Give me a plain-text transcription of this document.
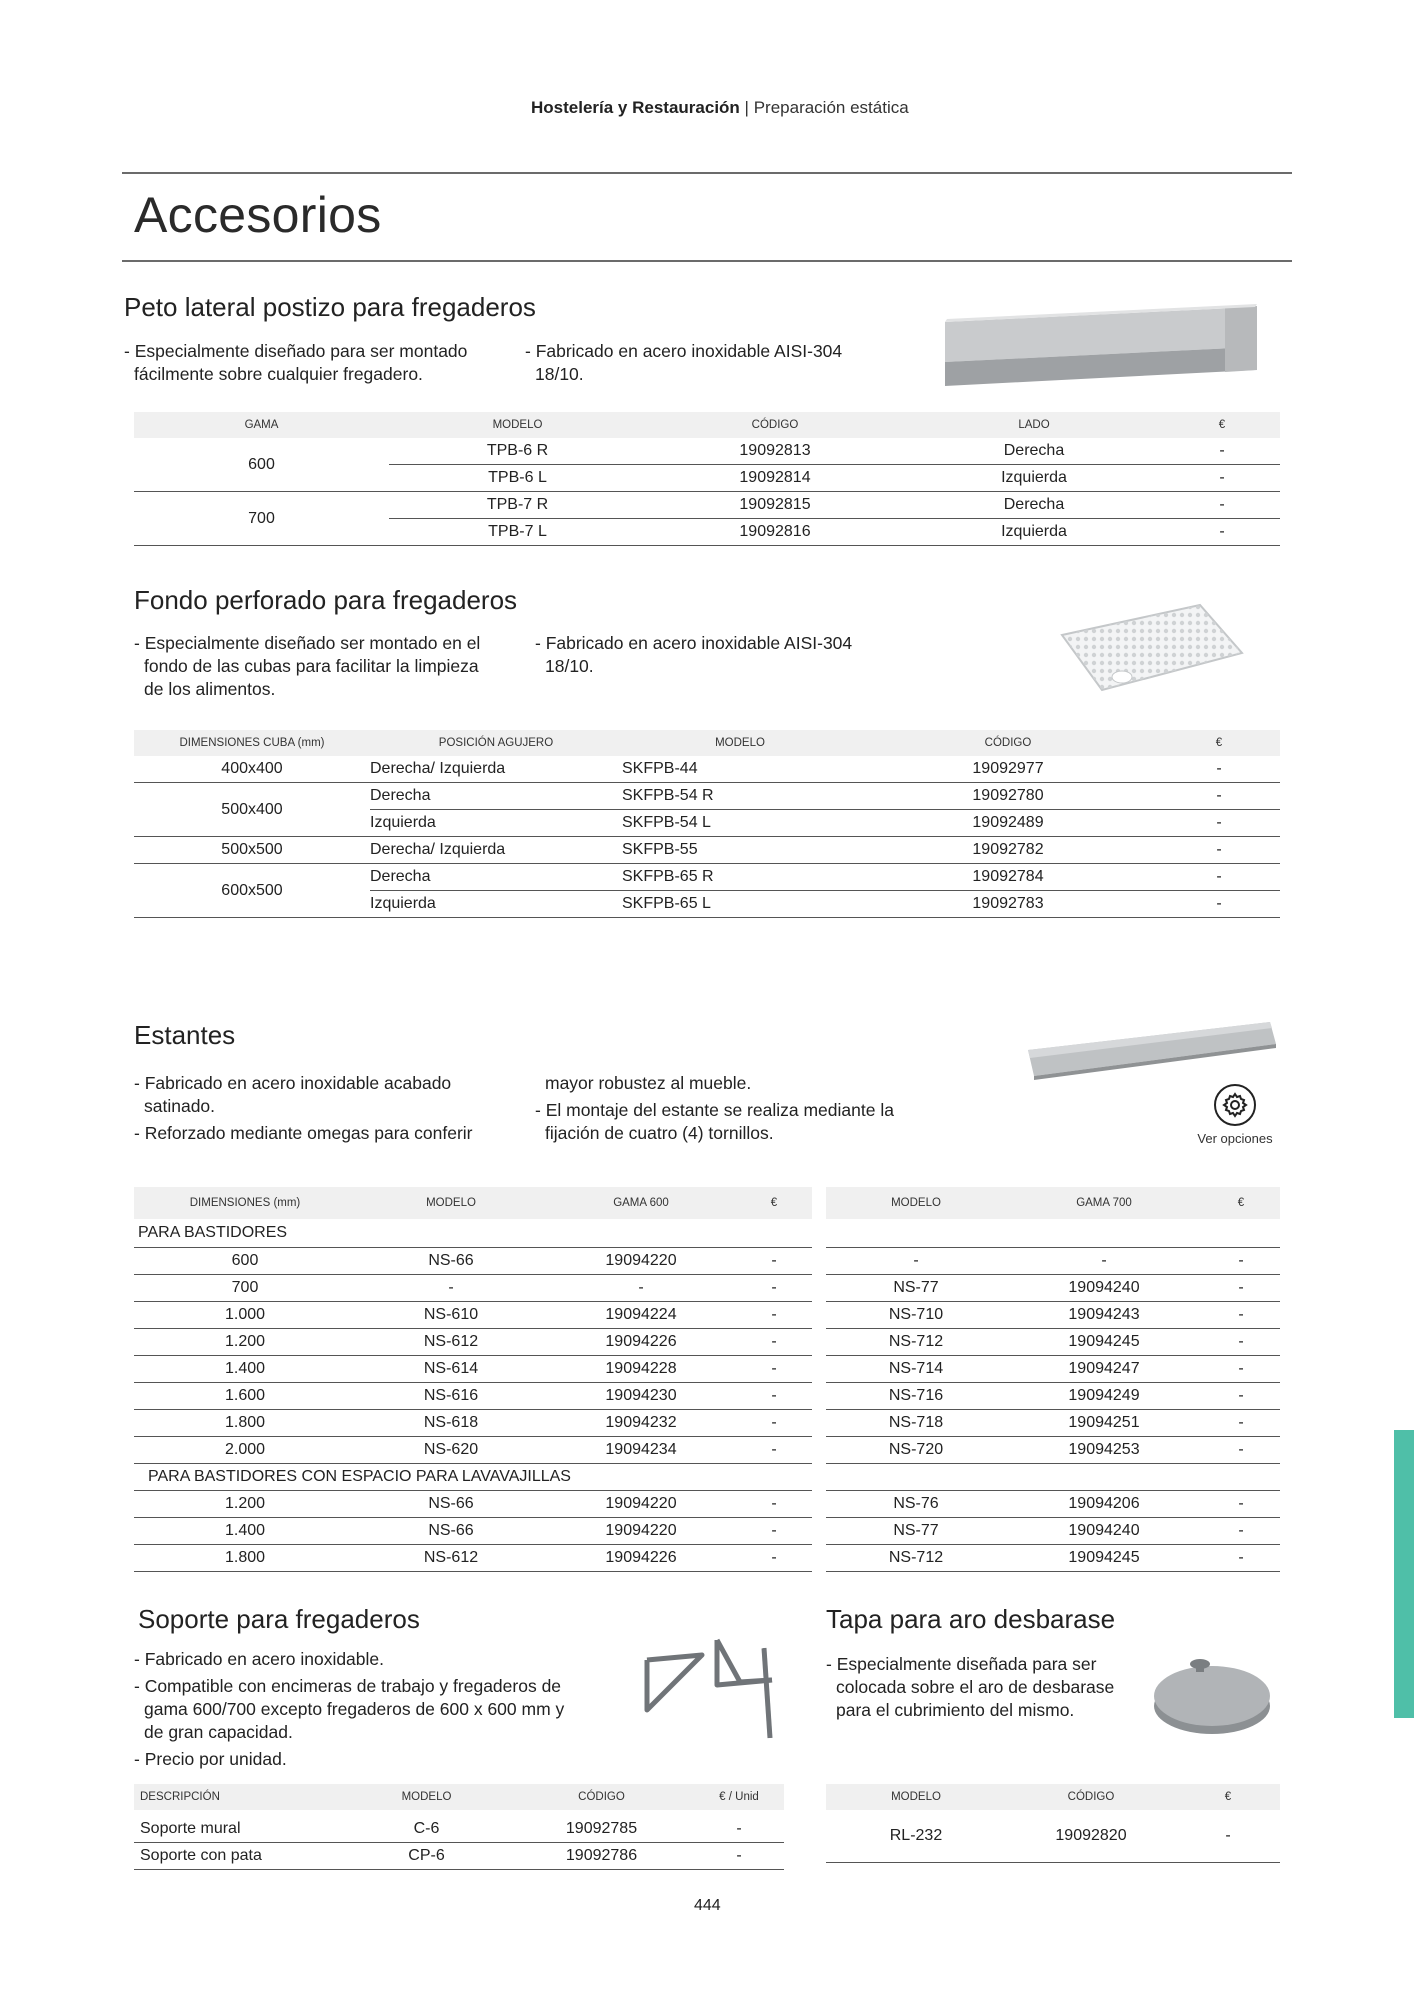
Hostelería y Restauración | Preparación estática
Accesorios
Peto lateral postizo para fregaderos
- Especialmente diseñado para ser montado
fácilmente sobre cualquier fregadero.
- Fabricado en acero inoxidable AISI-304
18/10.
GAMA	MODELO	CÓDIGO	LADO	€
600	TPB-6 R	19092813	Derecha	-
	TPB-6 L	19092814	Izquierda	-
700	TPB-7 R	19092815	Derecha	-
	TPB-7 L	19092816	Izquierda	-
Fondo perforado para fregaderos
- Especialmente diseñado ser montado en el
fondo de las cubas para facilitar la limpieza
de los alimentos.
- Fabricado en acero inoxidable AISI-304
18/10.
DIMENSIONES CUBA (mm)	POSICIÓN AGUJERO	MODELO	CÓDIGO	€
400x400	Derecha/ Izquierda	SKFPB-44	19092977	-
500x400	Derecha	SKFPB-54 R	19092780	-
	Izquierda	SKFPB-54 L	19092489	-
500x500	Derecha/ Izquierda	SKFPB-55	19092782	-
600x500	Derecha	SKFPB-65 R	19092784	-
	Izquierda	SKFPB-65 L	19092783	-
Estantes
- Fabricado en acero inoxidable acabado
satinado.
- Reforzado mediante omegas para conferir
mayor robustez al mueble.
- El montaje del estante se realiza mediante la
fijación de cuatro (4) tornillos.	Ver opciones
DIMENSIONES (mm)	MODELO	GAMA 600	€
PARA BASTIDORES			
600	NS-66	19094220	-
700	-	-	-
1.000	NS-610	19094224	-
1.200	NS-612	19094226	-
1.400	NS-614	19094228	-
1.600	NS-616	19094230	-
1.800	NS-618	19094232	-
2.000	NS-620	19094234	-
PARA BASTIDORES CON ESPACIO PARA LAVAVAJILLAS			
1.200	NS-66	19094220	-
1.400	NS-66	19094220	-
1.800	NS-612	19094226	-
MODELO	GAMA 700	€

-	-	-
NS-77	19094240	-
NS-710	19094243	-
NS-712	19094245	-
NS-714	19094247	-
NS-716	19094249	-
NS-718	19094251	-
NS-720	19094253	-

NS-76	19094206	-
NS-77	19094240	-
NS-712	19094245	-
Soporte para fregaderos
- Fabricado en acero inoxidable.
- Compatible con encimeras de trabajo y fregaderos de
gama 600/700 excepto fregaderos de 600 x 600 mm y
de gran capacidad.
- Precio por unidad.
DESCRIPCIÓN	MODELO	CÓDIGO	€ / Unid

Soporte mural	C-6	19092785	-
Soporte con pata	CP-6	19092786	-
Tapa para aro desbarase
- Especialmente diseñada para ser
colocada sobre el aro de desbarase
para el cubrimiento del mismo.
MODELO	CÓDIGO	€
RL-232	19092820	-
444
